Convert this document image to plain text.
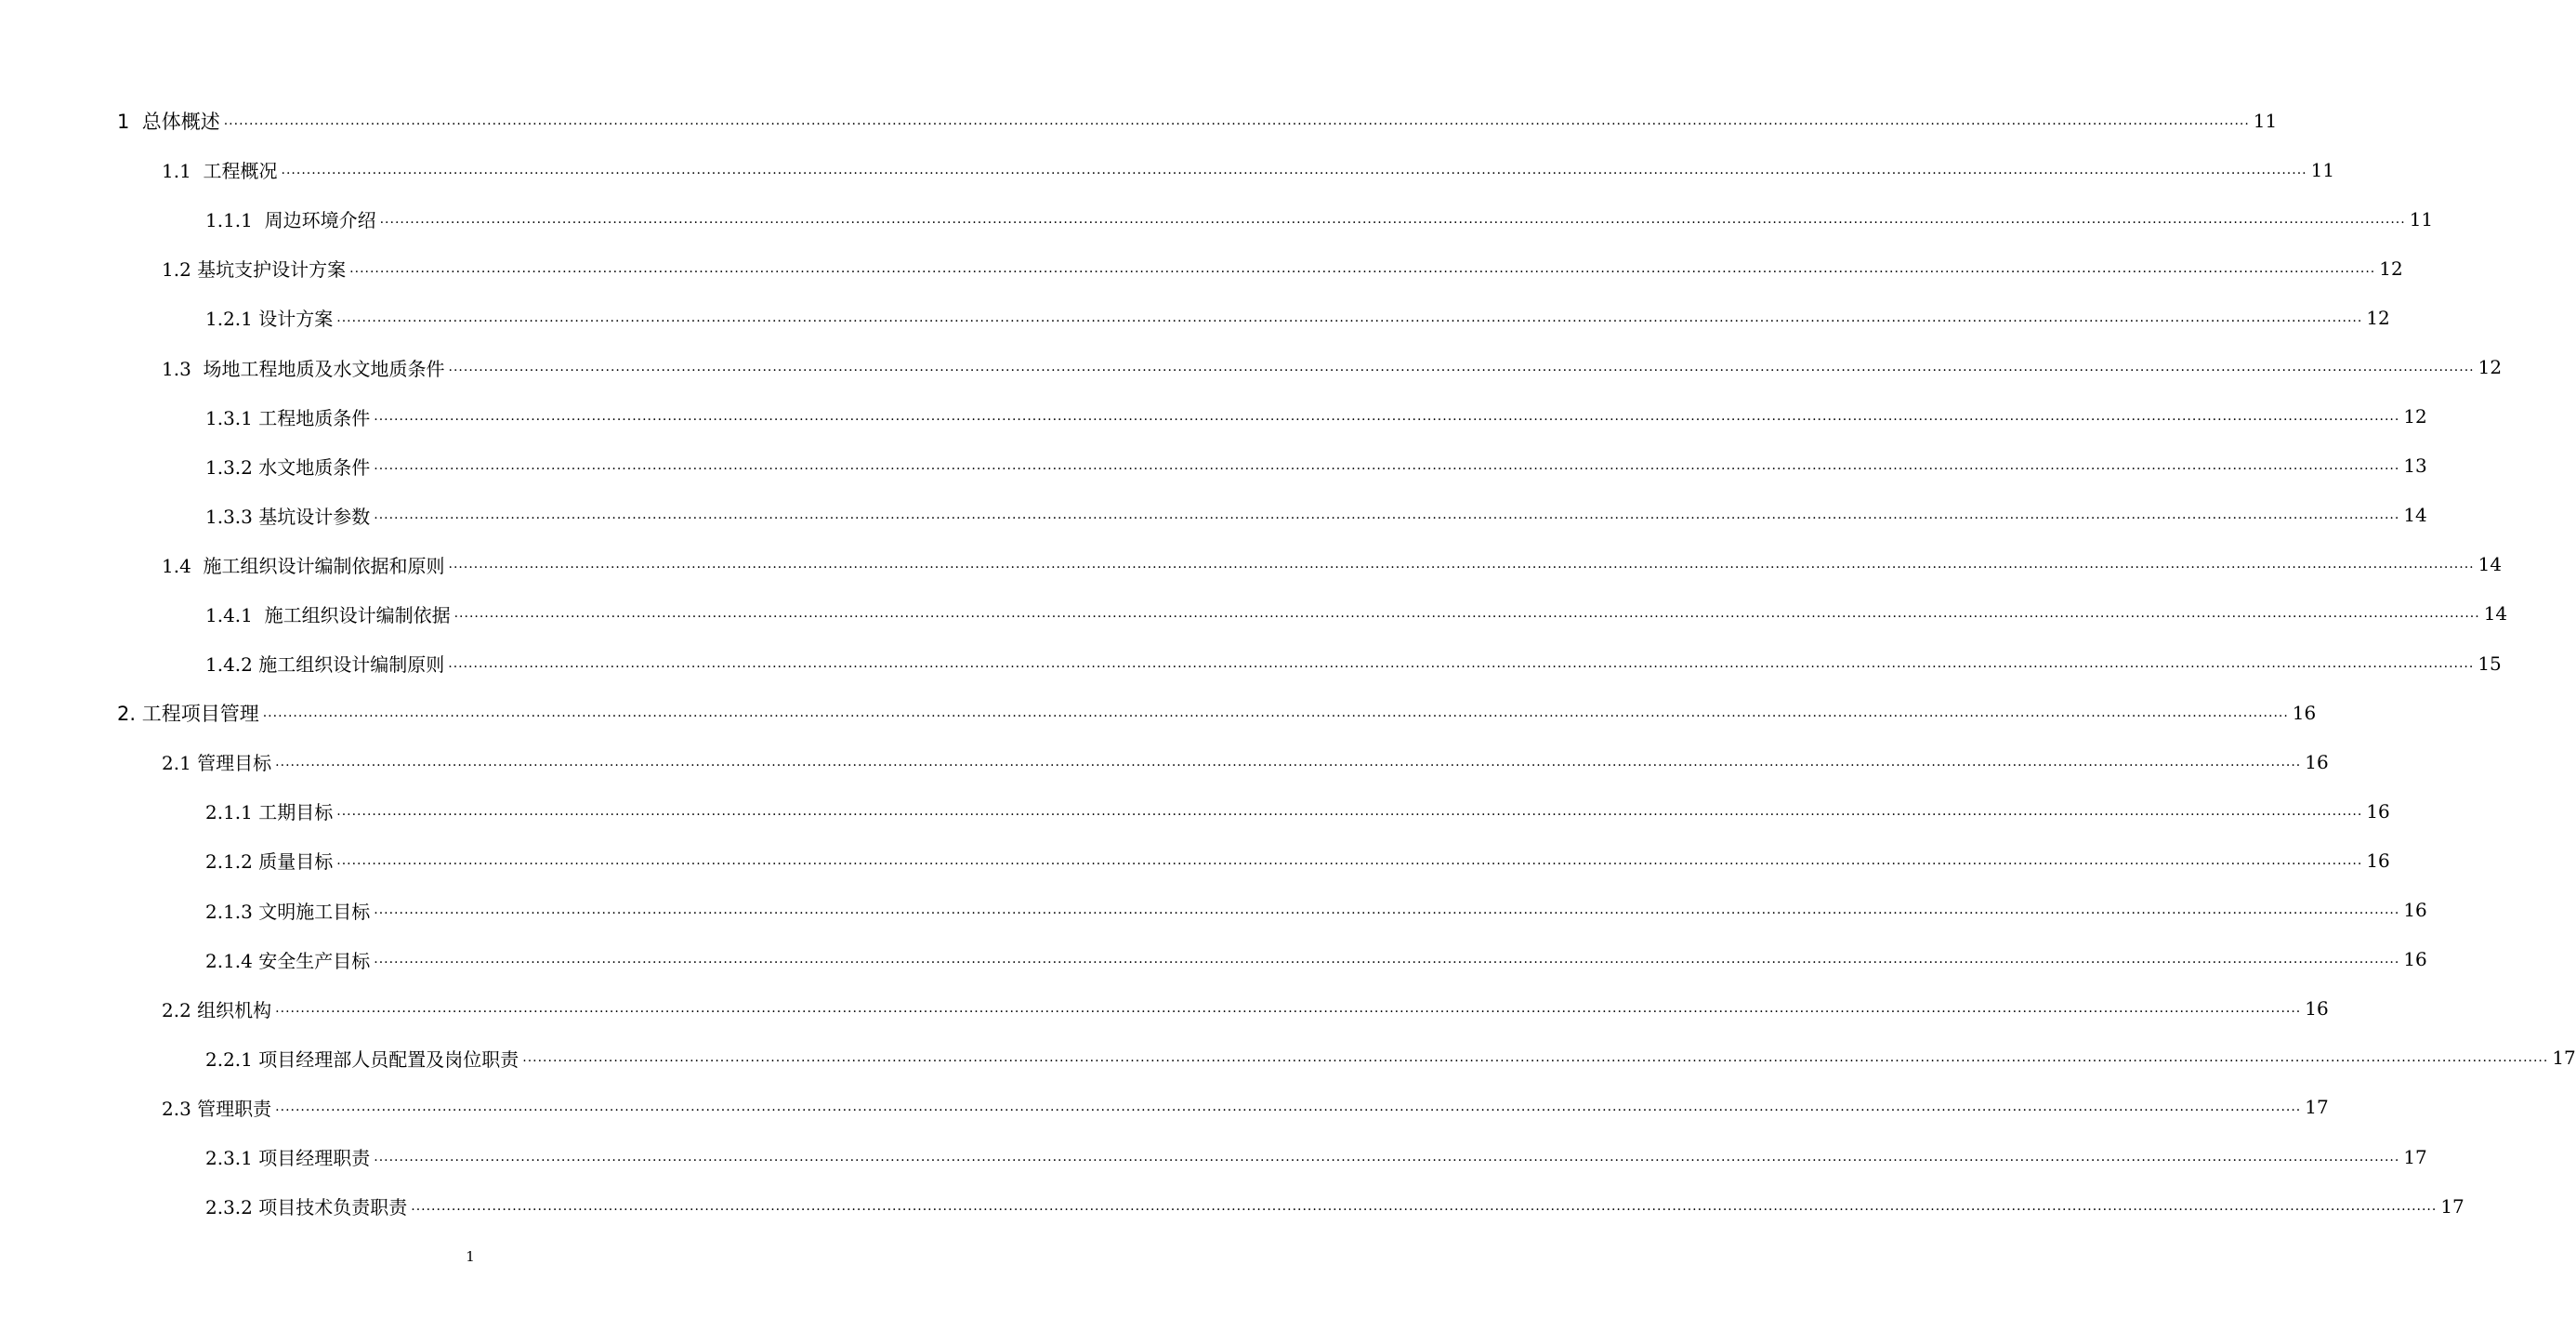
1  总体概述 ................................................................................................................................................................................................................................................................................................................................................................................................................ 11
1.1  工程概况 ................................................................................................................................................................................................................................................................................................................................................................................................................ 11
1.1.1  周边环境介绍 ................................................................................................................................................................................................................................................................................................................................................................................................................ 11
1.2 基坑支护设计方案 ................................................................................................................................................................................................................................................................................................................................................................................................................ 12
1.2.1 设计方案 ................................................................................................................................................................................................................................................................................................................................................................................................................ 12
1.3  场地工程地质及水文地质条件 ................................................................................................................................................................................................................................................................................................................................................................................................................ 12
1.3.1 工程地质条件 ................................................................................................................................................................................................................................................................................................................................................................................................................ 12
1.3.2 水文地质条件 ................................................................................................................................................................................................................................................................................................................................................................................................................ 13
1.3.3 基坑设计参数 ................................................................................................................................................................................................................................................................................................................................................................................................................ 14
1.4  施工组织设计编制依据和原则 ................................................................................................................................................................................................................................................................................................................................................................................................................ 14
1.4.1  施工组织设计编制依据 ................................................................................................................................................................................................................................................................................................................................................................................................................ 14
1.4.2 施工组织设计编制原则 ................................................................................................................................................................................................................................................................................................................................................................................................................ 15
2. 工程项目管理 ................................................................................................................................................................................................................................................................................................................................................................................................................ 16
2.1 管理目标 ................................................................................................................................................................................................................................................................................................................................................................................................................ 16
2.1.1 工期目标 ................................................................................................................................................................................................................................................................................................................................................................................................................ 16
2.1.2 质量目标 ................................................................................................................................................................................................................................................................................................................................................................................................................ 16
2.1.3 文明施工目标 ................................................................................................................................................................................................................................................................................................................................................................................................................ 16
2.1.4 安全生产目标 ................................................................................................................................................................................................................................................................................................................................................................................................................ 16
2.2 组织机构 ................................................................................................................................................................................................................................................................................................................................................................................................................ 16
2.2.1 项目经理部人员配置及岗位职责 ................................................................................................................................................................................................................................................................................................................................................................................................................ 17
2.3 管理职责 ................................................................................................................................................................................................................................................................................................................................................................................................................ 17
2.3.1 项目经理职责 ................................................................................................................................................................................................................................................................................................................................................................................................................ 17
2.3.2 项目技术负责职责 ................................................................................................................................................................................................................................................................................................................................................................................................................ 17
1
